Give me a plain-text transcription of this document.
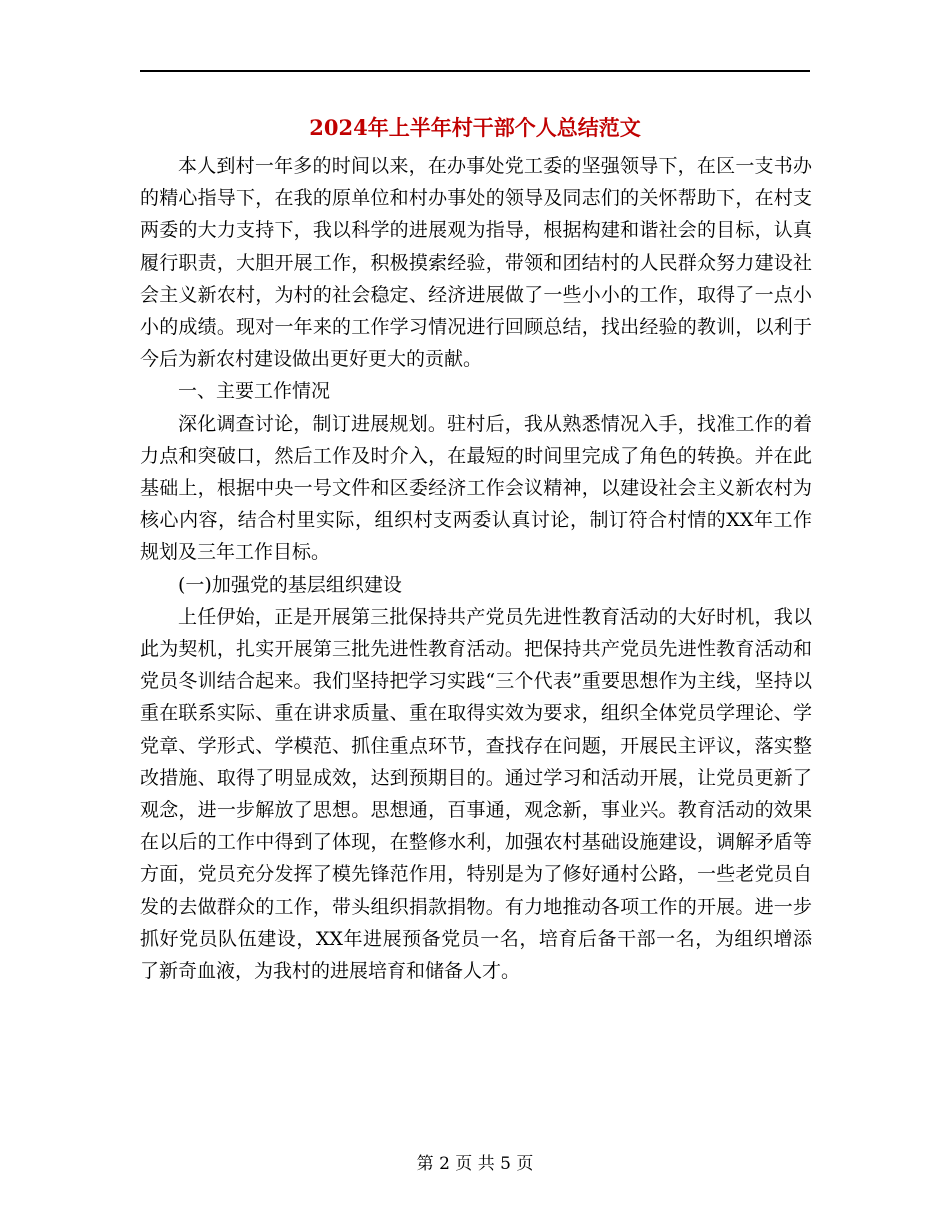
2024年上半年村干部个人总结范文

本人到村一年多的时间以来，在办事处党工委的坚强领导下，在区一支书办的精心指导下，在我的原单位和村办事处的领导及同志们的关怀帮助下，在村支两委的大力支持下，我以科学的进展观为指导，根据构建和谐社会的目标，认真履行职责，大胆开展工作，积极摸索经验，带领和团结村的人民群众努力建设社会主义新农村，为村的社会稳定、经济进展做了一些小小的工作，取得了一点小小的成绩。现对一年来的工作学习情况进行回顾总结，找出经验的教训，以利于今后为新农村建设做出更好更大的贡献。

一、主要工作情况

深化调查讨论，制订进展规划。驻村后，我从熟悉情况入手，找准工作的着力点和突破口，然后工作及时介入，在最短的时间里完成了角色的转换。并在此基础上，根据中央一号文件和区委经济工作会议精神，以建设社会主义新农村为核心内容，结合村里实际，组织村支两委认真讨论，制订符合村情的XX年工作规划及三年工作目标。

(一)加强党的基层组织建设

上任伊始，正是开展第三批保持共产党员先进性教育活动的大好时机，我以此为契机，扎实开展第三批先进性教育活动。把保持共产党员先进性教育活动和党员冬训结合起来。我们坚持把学习实践“三个代表”重要思想作为主线，坚持以重在联系实际、重在讲求质量、重在取得实效为要求，组织全体党员学理论、学党章、学形式、学模范、抓住重点环节，查找存在问题，开展民主评议，落实整改措施、取得了明显成效，达到预期目的。通过学习和活动开展，让党员更新了观念，进一步解放了思想。思想通，百事通，观念新，事业兴。教育活动的效果在以后的工作中得到了体现，在整修水利，加强农村基础设施建设，调解矛盾等方面，党员充分发挥了模先锋范作用，特别是为了修好通村公路，一些老党员自发的去做群众的工作，带头组织捐款捐物。有力地推动各项工作的开展。进一步抓好党员队伍建设，XX年进展预备党员一名，培育后备干部一名，为组织增添了新奇血液，为我村的进展培育和储备人才。

第 2 页 共 5 页
